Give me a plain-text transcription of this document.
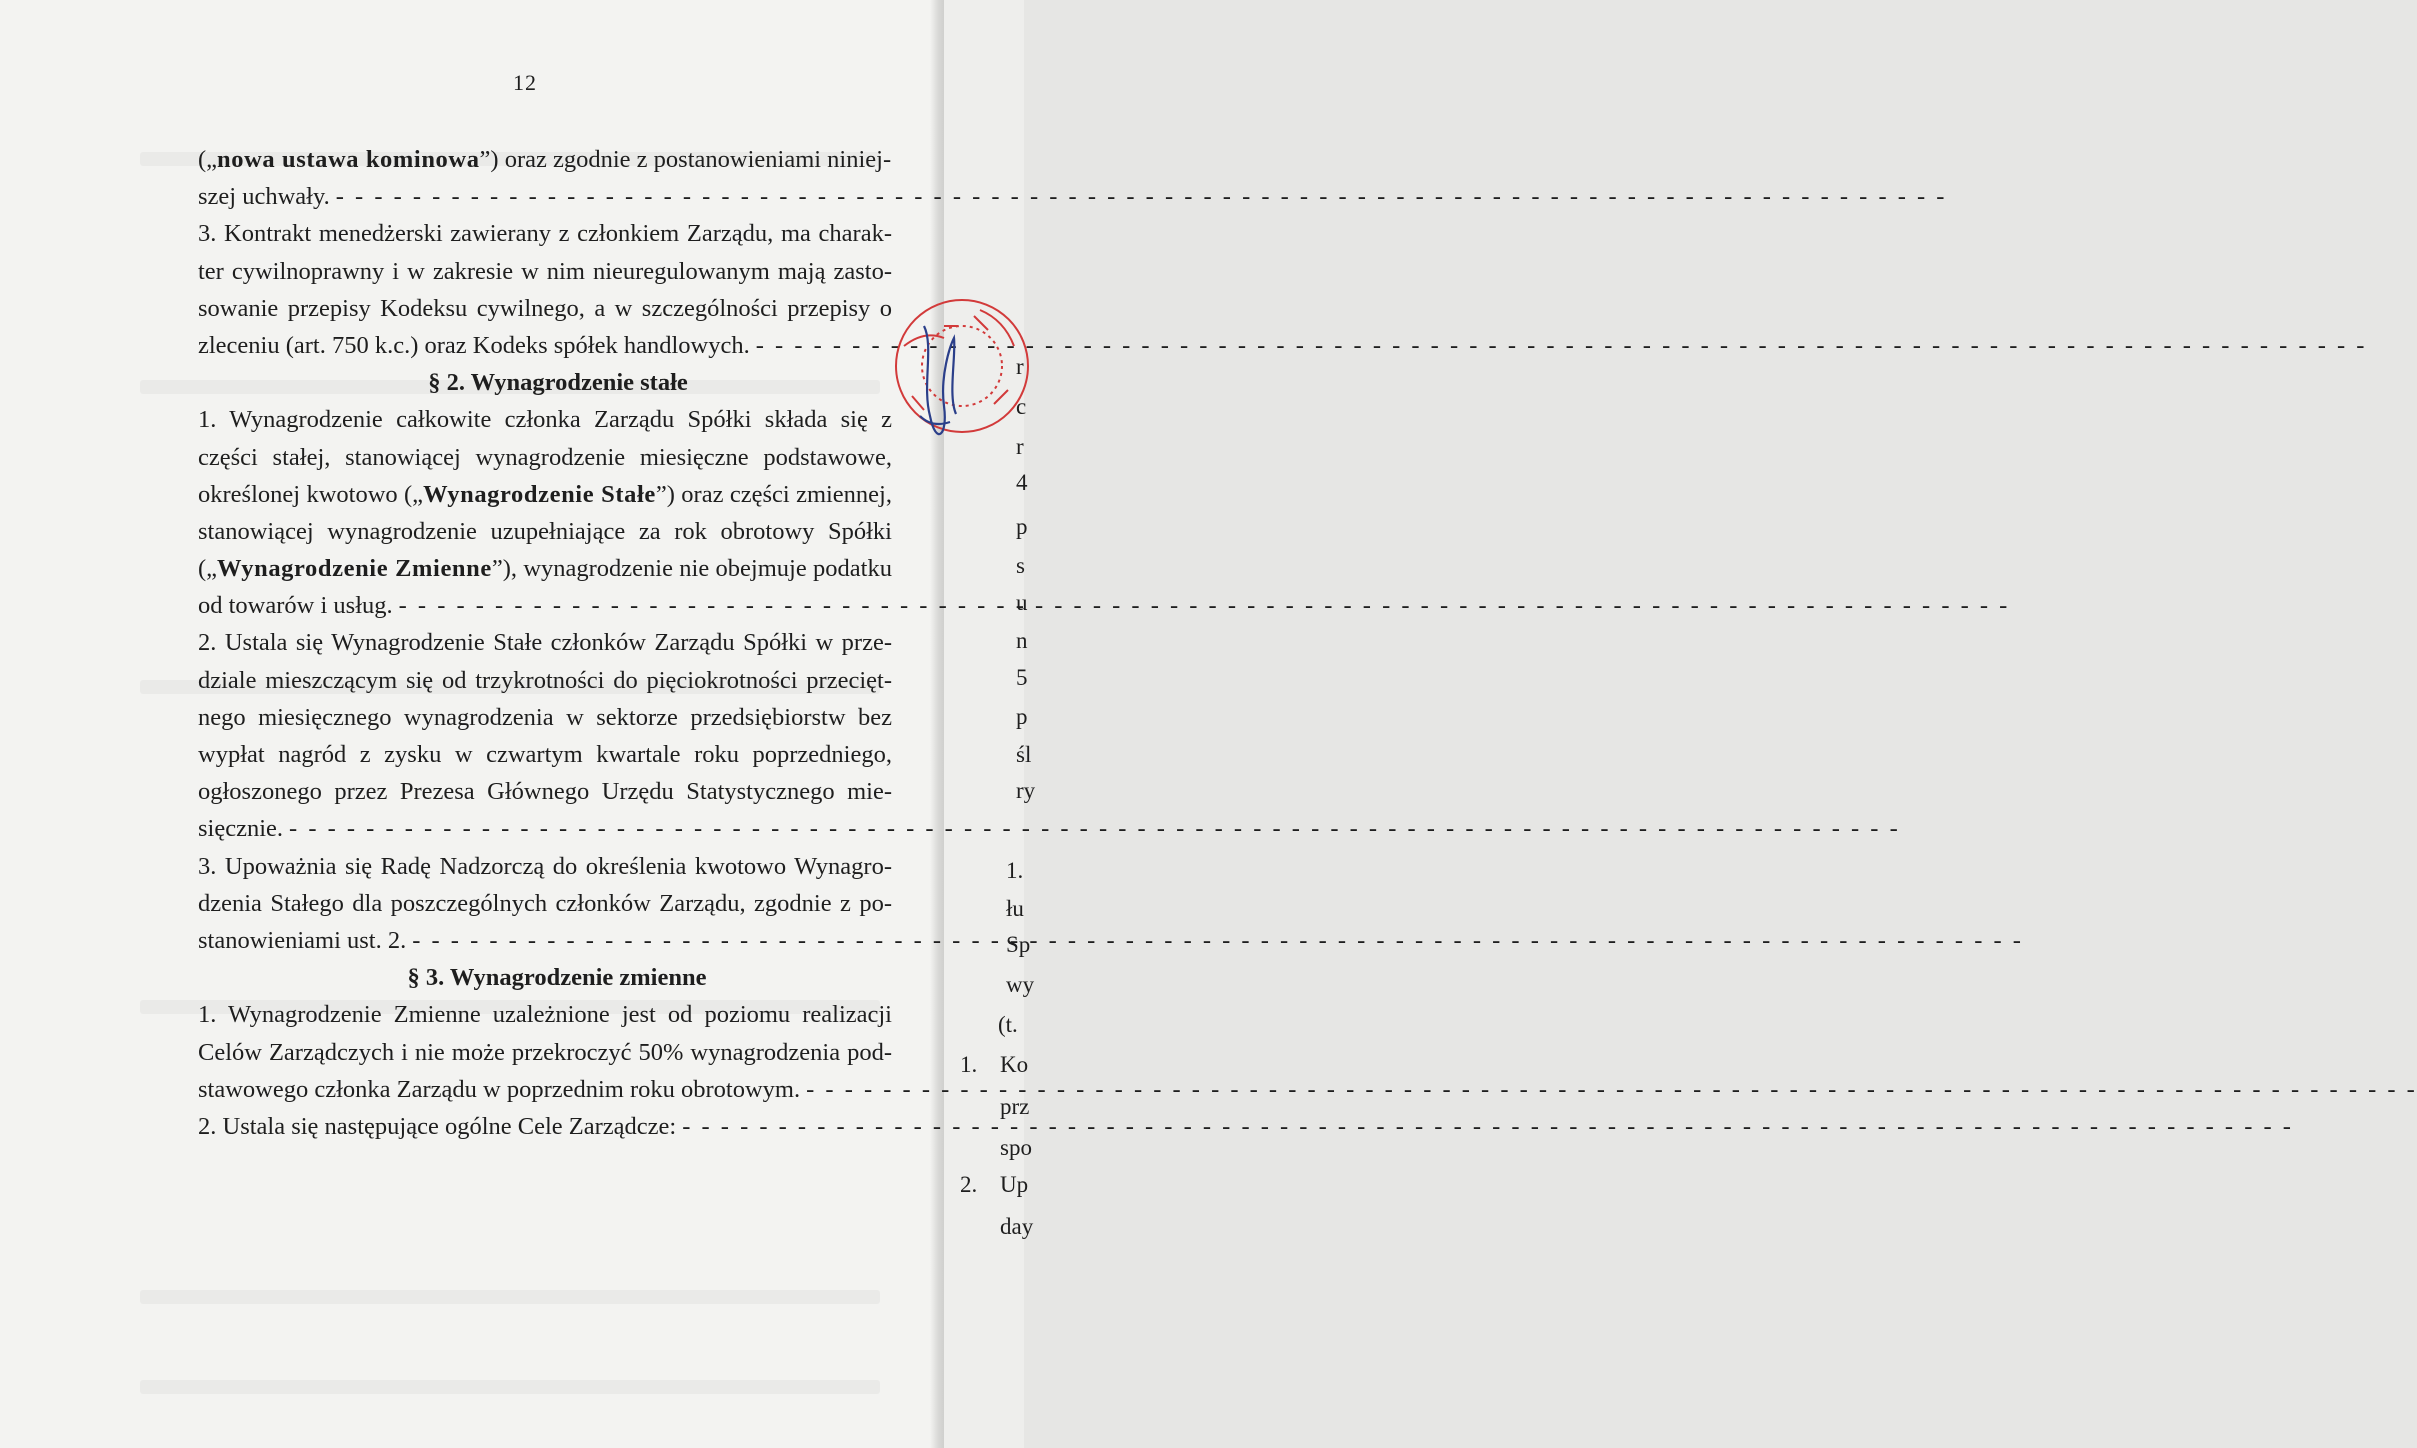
r
c
r
4
p
s
u
n
5
p
śl
ry
1.
łu
Sp
wy
(t.
1. Ko
prz
spo
2. Up
day
12
(„nowa ustawa kominowa”) oraz zgodnie z postanowieniami niniej-
szej uchwały.
- - -
3. Kontrakt menedżerski zawierany z członkiem Zarządu, ma charak-
ter cywilnoprawny i w zakresie w nim nieuregulowanym mają zasto-
sowanie przepisy Kodeksu cywilnego, a w szczególności przepisy o
zleceniu (art. 750 k.c.) oraz Kodeks spółek handlowych.
- - -
§ 2. Wynagrodzenie stałe
1. Wynagrodzenie całkowite członka Zarządu Spółki składa się z
części stałej, stanowiącej wynagrodzenie miesięczne podstawowe,
określonej kwotowo („Wynagrodzenie Stałe”) oraz części zmiennej,
stanowiącej wynagrodzenie uzupełniające za rok obrotowy Spółki
(„Wynagrodzenie Zmienne”), wynagrodzenie nie obejmuje podatku
od towarów i usług.
- - -
2. Ustala się Wynagrodzenie Stałe członków Zarządu Spółki w prze-
dziale mieszczącym się od trzykrotności do pięciokrotności przecięt-
nego miesięcznego wynagrodzenia w sektorze przedsiębiorstw bez
wypłat nagród z zysku w czwartym kwartale roku poprzedniego,
ogłoszonego przez Prezesa Głównego Urzędu Statystycznego mie-
sięcznie.
- - -
3. Upoważnia się Radę Nadzorczą do określenia kwotowo Wynagro-
dzenia Stałego dla poszczególnych członków Zarządu, zgodnie z po-
stanowieniami ust. 2.
- - -
§ 3. Wynagrodzenie zmienne
1. Wynagrodzenie Zmienne uzależnione jest od poziomu realizacji
Celów Zarządczych i nie może przekroczyć 50% wynagrodzenia pod-
stawowego członka Zarządu w poprzednim roku obrotowym.
- - -
2. Ustala się następujące ogólne Cele Zarządcze:
- - -
